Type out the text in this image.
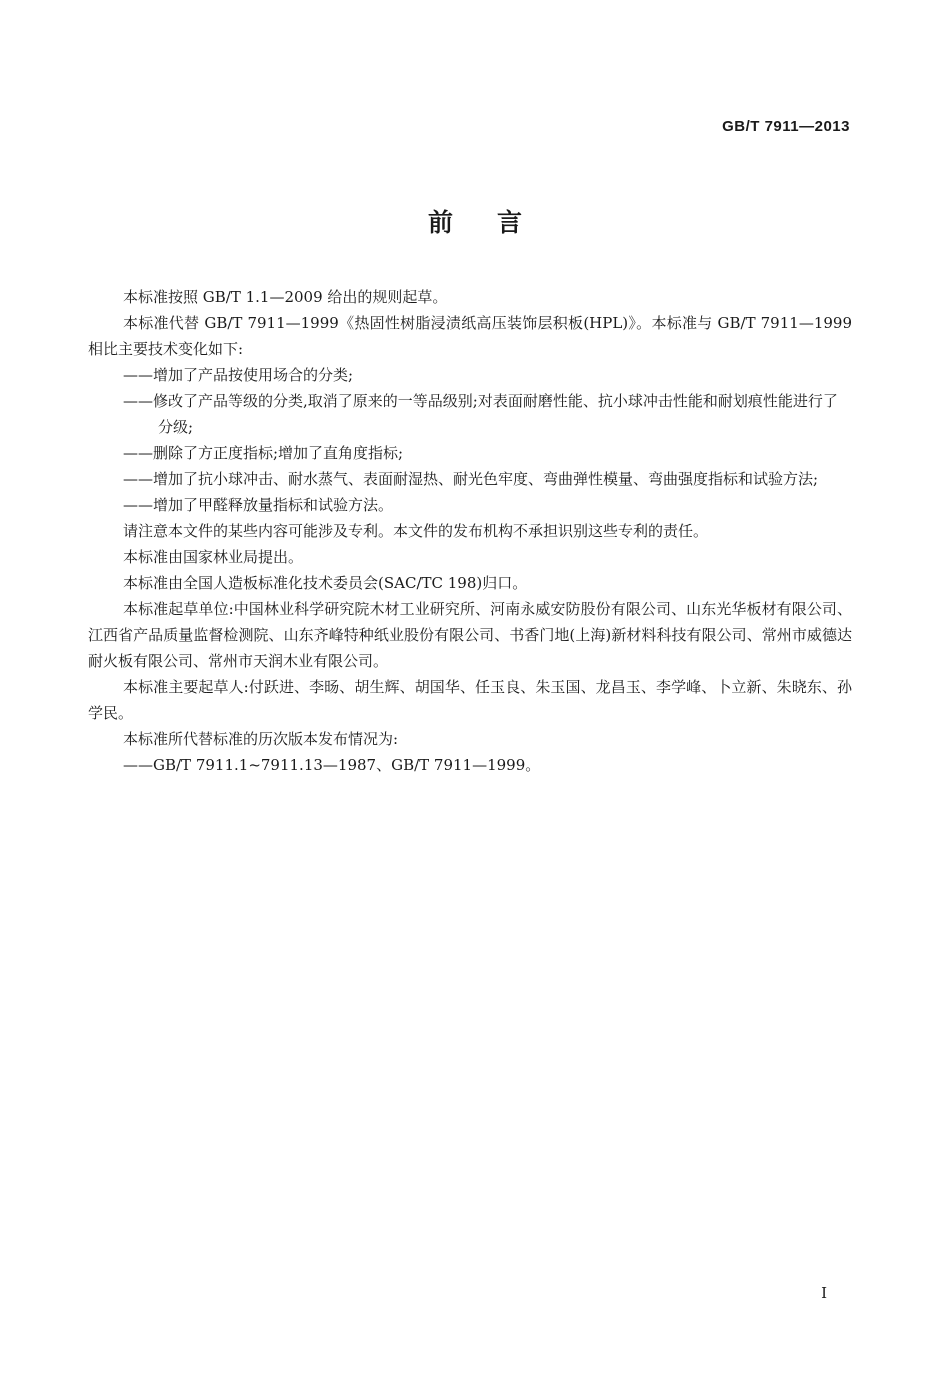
GB/T 7911—2013
前言

本标准按照 GB/T 1.1—2009 给出的规则起草。

本标准代替 GB/T 7911—1999《热固性树脂浸渍纸高压装饰层积板(HPL)》。本标准与 GB/T 7911—1999 相比主要技术变化如下:

——增加了产品按使用场合的分类;

——修改了产品等级的分类,取消了原来的一等品级别;对表面耐磨性能、抗小球冲击性能和耐划痕性能进行了分级;

——删除了方正度指标;增加了直角度指标;

——增加了抗小球冲击、耐水蒸气、表面耐湿热、耐光色牢度、弯曲弹性模量、弯曲强度指标和试验方法;

——增加了甲醛释放量指标和试验方法。

请注意本文件的某些内容可能涉及专利。本文件的发布机构不承担识别这些专利的责任。

本标准由国家林业局提出。

本标准由全国人造板标准化技术委员会(SAC/TC 198)归口。

本标准起草单位:中国林业科学研究院木材工业研究所、河南永威安防股份有限公司、山东光华板材有限公司、江西省产品质量监督检测院、山东齐峰特种纸业股份有限公司、书香门地(上海)新材料科技有限公司、常州市威德达耐火板有限公司、常州市天润木业有限公司。

本标准主要起草人:付跃进、李旸、胡生辉、胡国华、任玉良、朱玉国、龙昌玉、李学峰、卜立新、朱晓东、孙学民。

本标准所代替标准的历次版本发布情况为:

——GB/T 7911.1~7911.13—1987、GB/T 7911—1999。

I
